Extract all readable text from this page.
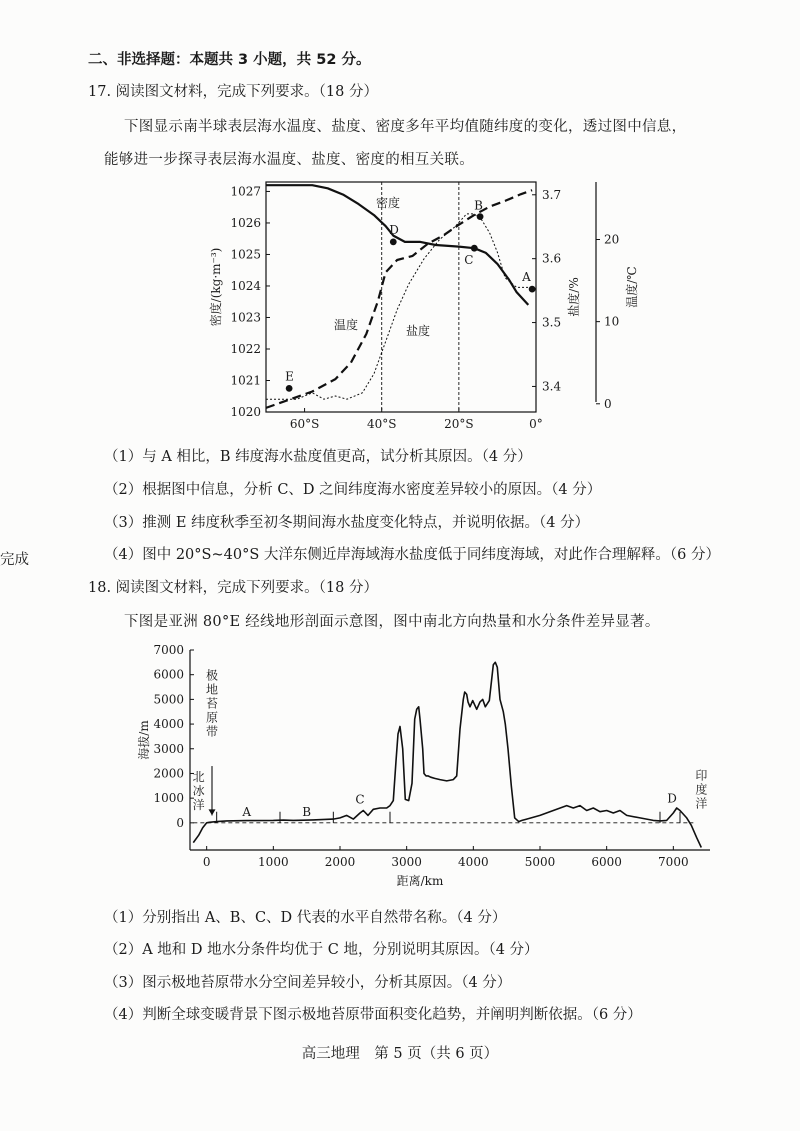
二、非选择题：本题共 3 小题，共 52 分。
17. 阅读图文材料，完成下列要求。（18 分）
下图显示南半球表层海水温度、盐度、密度多年平均值随纬度的变化，透过图中信息，
能够进一步探寻表层海水温度、盐度、密度的相互关联。
A
B
C
D
E
1020
1021
1022
1023
1024
1025
1026
1027
3.4
3.5
3.6
3.7
0
10
20
60°S	40°S	20°S	0°
密度/(kg·m⁻³)	盐度/%	温度/℃
密度
温度	盐度
（1）与 A 相比，B 纬度海水盐度值更高，试分析其原因。（4 分）
（2）根据图中信息，分析 C、D 之间纬度海水密度差异较小的原因。（4 分）
（3）推测 E 纬度秋季至初冬期间海水盐度变化特点，并说明依据。（4 分）
完成	（4）图中 20°S~40°S 大洋东侧近岸海域海水盐度低于同纬度海域，对此作合理解释。（6 分）
18. 阅读图文材料，完成下列要求。（18 分）
下图是亚洲 80°E 经线地形剖面示意图，图中南北方向热量和水分条件差异显著。
A	B
C	D
0
1000
2000
3000
4000
5000
6000
7000
0	1000	2000	3000	4000	5000	6000	7000
海拔/m
距离/km
北
冰
洋
极
地
苔
原
带
印
度
洋
（1）分别指出 A、B、C、D 代表的水平自然带名称。（4 分）
（2）A 地和 D 地水分条件均优于 C 地，分别说明其原因。（4 分）
（3）图示极地苔原带水分空间差异较小，分析其原因。（4 分）
（4）判断全球变暖背景下图示极地苔原带面积变化趋势，并阐明判断依据。（6 分）
高三地理　第 5 页（共 6 页）
